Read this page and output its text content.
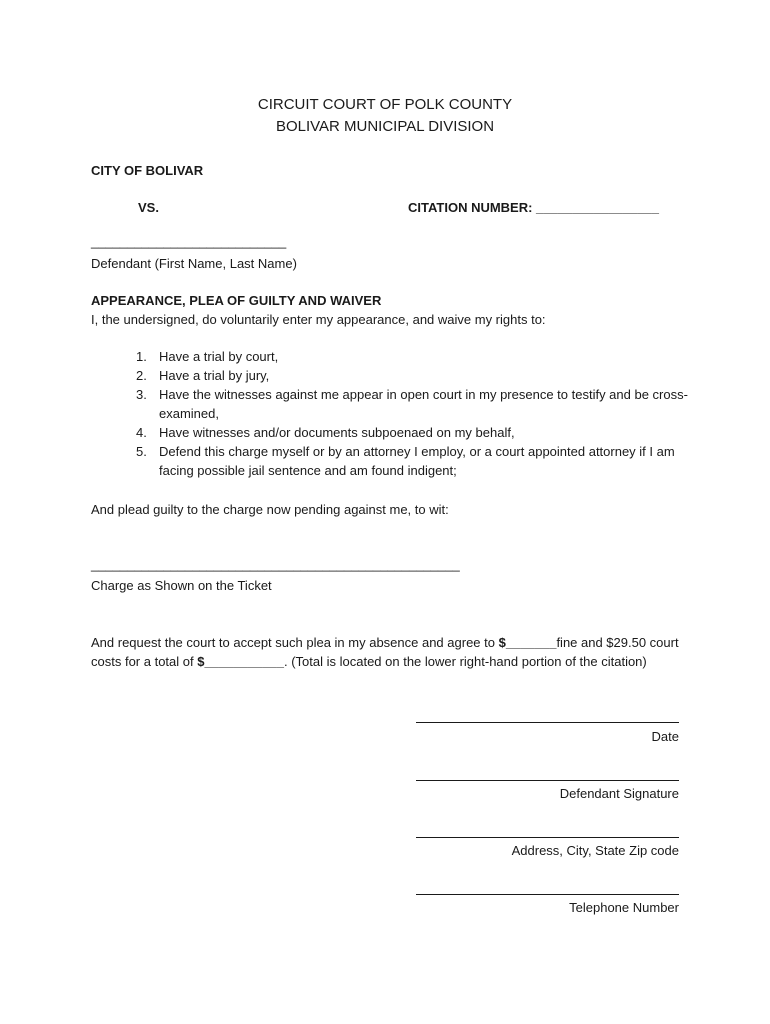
CIRCUIT COURT OF POLK COUNTY
BOLIVAR MUNICIPAL DIVISION
CITY OF BOLIVAR
VS.	CITATION NUMBER: _________________
___________________________
Defendant (First Name, Last Name)
APPEARANCE, PLEA OF GUILTY AND WAIVER
I, the undersigned, do voluntarily enter my appearance, and waive my rights to:
1. Have a trial by court,
2. Have a trial by jury,
3. Have the witnesses against me appear in open court in my presence to testify and be cross-examined,
4. Have witnesses and/or documents subpoenaed on my behalf,
5. Defend this charge myself or by an attorney I employ, or a court appointed attorney if I am facing possible jail sentence and am found indigent;
And plead guilty to the charge now pending against me, to wit:
___________________________________________________
Charge as Shown on the Ticket
And request the court to accept such plea in my absence and agree to $_______fine and $29.50 court costs for a total of $___________. (Total is located on the lower right-hand portion of the citation)
Date
Defendant Signature
Address, City, State Zip code
Telephone Number
